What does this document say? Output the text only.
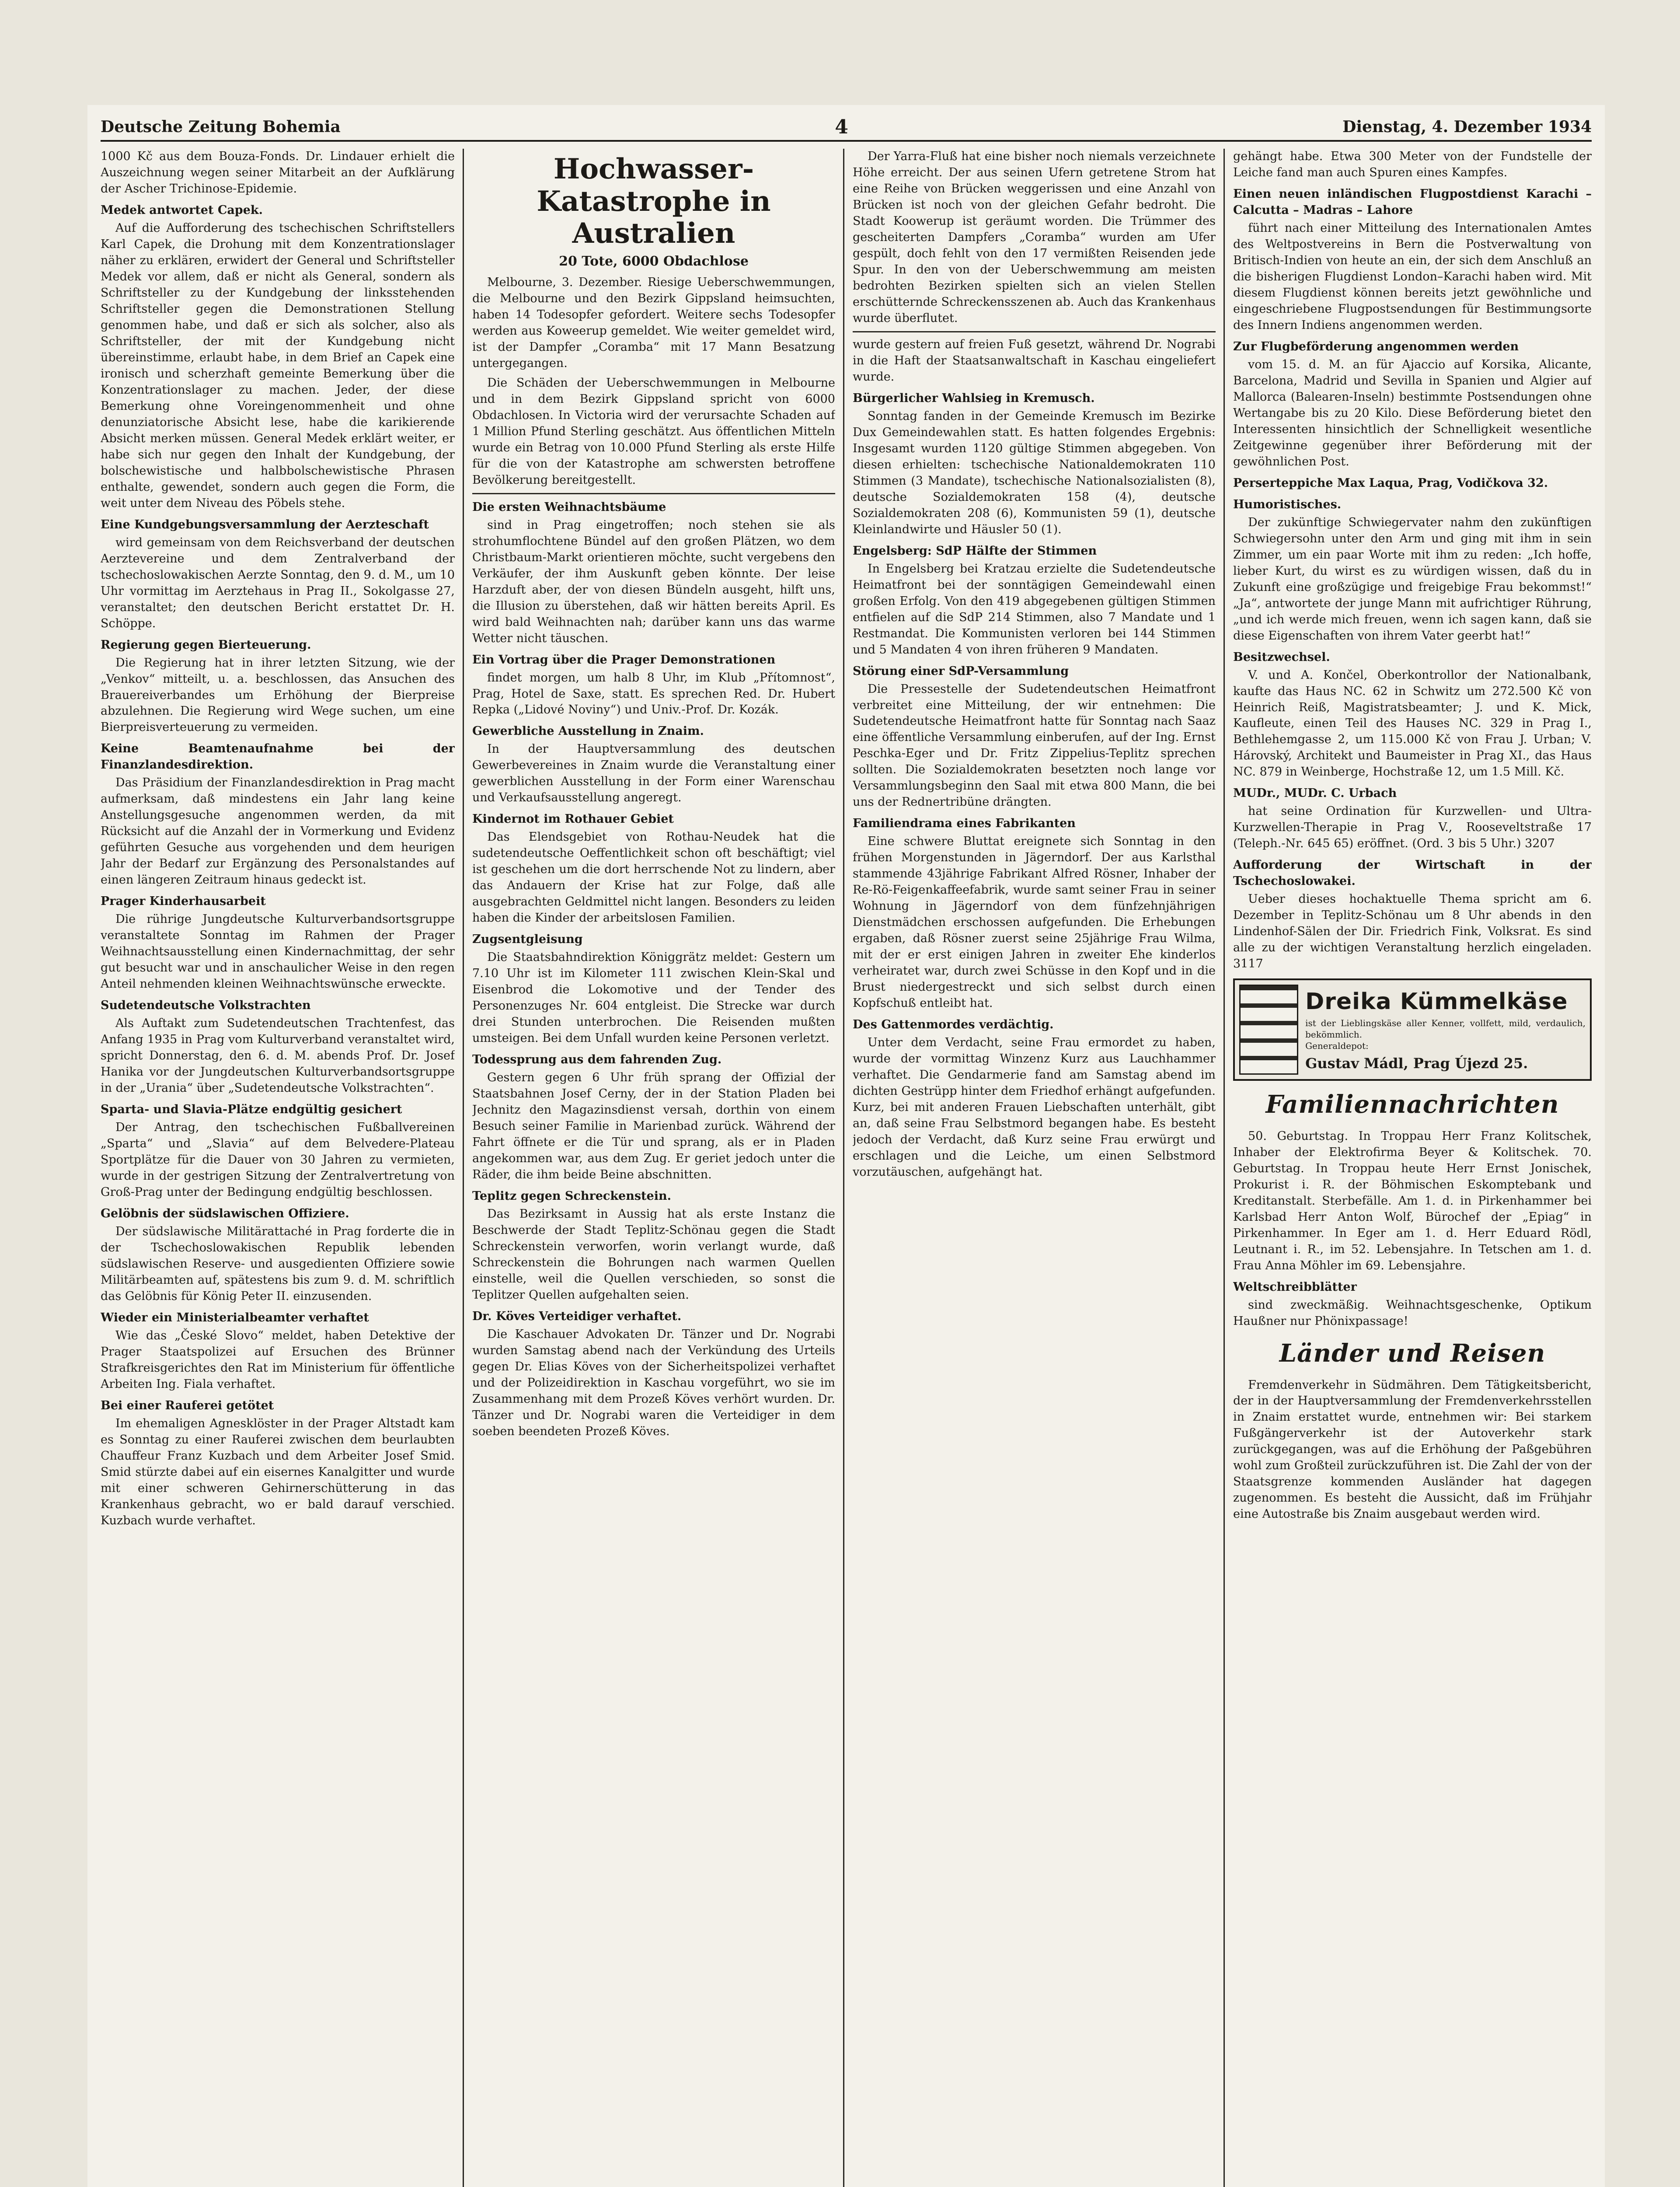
Deutsche Zeitung Bohemia	4	Dienstag, 4. Dezember 1934

1000 Kč aus dem Bouza-Fonds. Dr. Lindauer erhielt die Auszeichnung wegen seiner Mitarbeit an der Aufklärung der Ascher Trichinose-Epidemie.

Medek antwortet Capek.

Auf die Aufforderung des tschechischen Schriftstellers Karl Capek, die Drohung mit dem Konzentrationslager näher zu erklären, erwidert der General und Schriftsteller Medek vor allem, daß er nicht als General, sondern als Schriftsteller zu der Kundgebung der linksstehenden Schriftsteller gegen die Demonstrationen Stellung genommen habe, und daß er sich als solcher, also als Schriftsteller, der mit der Kundgebung nicht übereinstimme, erlaubt habe, in dem Brief an Capek eine ironisch und scherzhaft gemeinte Bemerkung über die Konzentrationslager zu machen. Jeder, der diese Bemerkung ohne Voreingenommenheit und ohne denunziatorische Absicht lese, habe die karikierende Absicht merken müssen. General Medek erklärt weiter, er habe sich nur gegen den Inhalt der Kundgebung, der bolschewistische und halbbolschewistische Phrasen enthalte, gewendet, sondern auch gegen die Form, die weit unter dem Niveau des Pöbels stehe.

Eine Kundgebungsversammlung der Aerzteschaft

wird gemeinsam von dem Reichsverband der deutschen Aerztevereine und dem Zentralverband der tschechoslowakischen Aerzte Sonntag, den 9. d. M., um 10 Uhr vormittag im Aerztehaus in Prag II., Sokolgasse 27, veranstaltet; den deutschen Bericht erstattet Dr. H. Schöppe.

Regierung gegen Bierteuerung.

Die Regierung hat in ihrer letzten Sitzung, wie der „Venkov“ mitteilt, u. a. beschlossen, das Ansuchen des Brauereiverbandes um Erhöhung der Bierpreise abzulehnen. Die Regierung wird Wege suchen, um eine Bierpreisverteuerung zu vermeiden.

Keine Beamtenaufnahme bei der Finanzlandesdirektion.

Das Präsidium der Finanzlandesdirektion in Prag macht aufmerksam, daß mindestens ein Jahr lang keine Anstellungsgesuche angenommen werden, da mit Rücksicht auf die Anzahl der in Vormerkung und Evidenz geführten Gesuche aus vorgehenden und dem heurigen Jahr der Bedarf zur Ergänzung des Personalstandes auf einen längeren Zeitraum hinaus gedeckt ist.

Prager Kinderhausarbeit

Die rührige Jungdeutsche Kulturverbandsortsgruppe veranstaltete Sonntag im Rahmen der Prager Weihnachtsausstellung einen Kindernachmittag, der sehr gut besucht war und in anschaulicher Weise in den regen Anteil nehmenden kleinen Weihnachtswünsche erweckte.

Sudetendeutsche Volkstrachten

Als Auftakt zum Sudetendeutschen Trachtenfest, das Anfang 1935 in Prag vom Kulturverband veranstaltet wird, spricht Donnerstag, den 6. d. M. abends Prof. Dr. Josef Hanika vor der Jungdeutschen Kulturverbandsortsgruppe in der „Urania“ über „Sudetendeutsche Volkstrachten“.

Sparta- und Slavia-Plätze endgültig gesichert

Der Antrag, den tschechischen Fußballvereinen „Sparta“ und „Slavia“ auf dem Belvedere-Plateau Sportplätze für die Dauer von 30 Jahren zu vermieten, wurde in der gestrigen Sitzung der Zentralvertretung von Groß-Prag unter der Bedingung endgültig beschlossen.

Gelöbnis der südslawischen Offiziere.

Der südslawische Militärattaché in Prag forderte die in der Tschechoslowakischen Republik lebenden südslawischen Reserve- und ausgedienten Offiziere sowie Militärbeamten auf, spätestens bis zum 9. d. M. schriftlich das Gelöbnis für König Peter II. einzusenden.

Wieder ein Ministerialbeamter verhaftet

Wie das „České Slovo“ meldet, haben Detektive der Prager Staatspolizei auf Ersuchen des Brünner Strafkreisgerichtes den Rat im Ministerium für öffentliche Arbeiten Ing. Fiala verhaftet.

Bei einer Rauferei getötet

Im ehemaligen Agnesklöster in der Prager Altstadt kam es Sonntag zu einer Rauferei zwischen dem beurlaubten Chauffeur Franz Kuzbach und dem Arbeiter Josef Smid. Smid stürzte dabei auf ein eisernes Kanalgitter und wurde mit einer schweren Gehirnerschütterung in das Krankenhaus gebracht, wo er bald darauf verschied. Kuzbach wurde verhaftet.

Hochwasser-Katastrophe in Australien
20 Tote, 6000 Obdachlose

Melbourne, 3. Dezember. Riesige Ueberschwemmungen, die Melbourne und den Bezirk Gippsland heimsuchten, haben 14 Todesopfer gefordert. Weitere sechs Todesopfer werden aus Koweerup gemeldet. Wie weiter gemeldet wird, ist der Dampfer „Coramba“ mit 17 Mann Besatzung untergegangen.

Die Schäden der Ueberschwemmungen in Melbourne und in dem Bezirk Gippsland spricht von 6000 Obdachlosen. In Victoria wird der verursachte Schaden auf 1 Million Pfund Sterling geschätzt. Aus öffentlichen Mitteln wurde ein Betrag von 10.000 Pfund Sterling als erste Hilfe für die von der Katastrophe am schwersten betroffene Bevölkerung bereitgestellt.

Die ersten Weihnachtsbäume

sind in Prag eingetroffen; noch stehen sie als strohumflochtene Bündel auf den großen Plätzen, wo dem Christbaum-Markt orientieren möchte, sucht vergebens den Verkäufer, der ihm Auskunft geben könnte. Der leise Harzduft aber, der von diesen Bündeln ausgeht, hilft uns, die Illusion zu überstehen, daß wir hätten bereits April. Es wird bald Weihnachten nah; darüber kann uns das warme Wetter nicht täuschen.

Ein Vortrag über die Prager Demonstrationen

findet morgen, um halb 8 Uhr, im Klub „Přítomnost“, Prag, Hotel de Saxe, statt. Es sprechen Red. Dr. Hubert Repka („Lidové Noviny“) und Univ.-Prof. Dr. Kozák.

Gewerbliche Ausstellung in Znaim.

In der Hauptversammlung des deutschen Gewerbevereines in Znaim wurde die Veranstaltung einer gewerblichen Ausstellung in der Form einer Warenschau und Verkaufsausstellung angeregt.

Kindernot im Rothauer Gebiet

Das Elendsgebiet von Rothau-Neudek hat die sudetendeutsche Oeffentlichkeit schon oft beschäftigt; viel ist geschehen um die dort herrschende Not zu lindern, aber das Andauern der Krise hat zur Folge, daß alle ausgebrachten Geldmittel nicht langen. Besonders zu leiden haben die Kinder der arbeitslosen Familien.

Zugsentgleisung

Die Staatsbahndirektion Königgrätz meldet: Gestern um 7.10 Uhr ist im Kilometer 111 zwischen Klein-Skal und Eisenbrod die Lokomotive und der Tender des Personenzuges Nr. 604 entgleist. Die Strecke war durch drei Stunden unterbrochen. Die Reisenden mußten umsteigen. Bei dem Unfall wurden keine Personen verletzt.

Todessprung aus dem fahrenden Zug.

Gestern gegen 6 Uhr früh sprang der Offizial der Staatsbahnen Josef Cerny, der in der Station Pladen bei Jechnitz den Magazinsdienst versah, dorthin von einem Besuch seiner Familie in Marienbad zurück. Während der Fahrt öffnete er die Tür und sprang, als er in Pladen angekommen war, aus dem Zug. Er geriet jedoch unter die Räder, die ihm beide Beine abschnitten.

Teplitz gegen Schreckenstein.

Das Bezirksamt in Aussig hat als erste Instanz die Beschwerde der Stadt Teplitz-Schönau gegen die Stadt Schreckenstein verworfen, worin verlangt wurde, daß Schreckenstein die Bohrungen nach warmen Quellen einstelle, weil die Quellen verschieden, so sonst die Teplitzer Quellen aufgehalten seien.

Dr. Köves Verteidiger verhaftet.

Die Kaschauer Advokaten Dr. Tänzer und Dr. Nograbi wurden Samstag abend nach der Verkündung des Urteils gegen Dr. Elias Köves von der Sicherheitspolizei verhaftet und der Polizeidirektion in Kaschau vorgeführt, wo sie im Zusammenhang mit dem Prozeß Köves verhört wurden. Dr. Tänzer und Dr. Nograbi waren die Verteidiger in dem soeben beendeten Prozeß Köves.

Der Yarra-Fluß hat eine bisher noch niemals verzeichnete Höhe erreicht. Der aus seinen Ufern getretene Strom hat eine Reihe von Brücken weggerissen und eine Anzahl von Brücken ist noch von der gleichen Gefahr bedroht. Die Stadt Koowerup ist geräumt worden. Die Trümmer des gescheiterten Dampfers „Coramba“ wurden am Ufer gespült, doch fehlt von den 17 vermißten Reisenden jede Spur. In den von der Ueberschwemmung am meisten bedrohten Bezirken spielten sich an vielen Stellen erschütternde Schreckensszenen ab. Auch das Krankenhaus wurde überflutet.

wurde gestern auf freien Fuß gesetzt, während Dr. Nograbi in die Haft der Staatsanwaltschaft in Kaschau eingeliefert wurde.

Bürgerlicher Wahlsieg in Kremusch.

Sonntag fanden in der Gemeinde Kremusch im Bezirke Dux Gemeindewahlen statt. Es hatten folgendes Ergebnis: Insgesamt wurden 1120 gültige Stimmen abgegeben. Von diesen erhielten: tschechische Nationaldemokraten 110 Stimmen (3 Mandate), tschechische Nationalsozialisten (8), deutsche Sozialdemokraten 158 (4), deutsche Sozialdemokraten 208 (6), Kommunisten 59 (1), deutsche Kleinlandwirte und Häusler 50 (1).

Engelsberg: SdP Hälfte der Stimmen

In Engelsberg bei Kratzau erzielte die Sudetendeutsche Heimatfront bei der sonntägigen Gemeindewahl einen großen Erfolg. Von den 419 abgegebenen gültigen Stimmen entfielen auf die SdP 214 Stimmen, also 7 Mandate und 1 Restmandat. Die Kommunisten verloren bei 144 Stimmen und 5 Mandaten 4 von ihren früheren 9 Mandaten.

Störung einer SdP-Versammlung

Die Pressestelle der Sudetendeutschen Heimatfront verbreitet eine Mitteilung, der wir entnehmen: Die Sudetendeutsche Heimatfront hatte für Sonntag nach Saaz eine öffentliche Versammlung einberufen, auf der Ing. Ernst Peschka-Eger und Dr. Fritz Zippelius-Teplitz sprechen sollten. Die Sozialdemokraten besetzten noch lange vor Versammlungsbeginn den Saal mit etwa 800 Mann, die bei uns der Rednertribüne drängten.

Familiendrama eines Fabrikanten

Eine schwere Bluttat ereignete sich Sonntag in den frühen Morgenstunden in Jägerndorf. Der aus Karlsthal stammende 43jährige Fabrikant Alfred Rösner, Inhaber der Re-Rö-Feigenkaffeefabrik, wurde samt seiner Frau in seiner Wohnung in Jägerndorf von dem fünfzehnjährigen Dienstmädchen erschossen aufgefunden. Die Erhebungen ergaben, daß Rösner zuerst seine 25jährige Frau Wilma, mit der er erst einigen Jahren in zweiter Ehe kinderlos verheiratet war, durch zwei Schüsse in den Kopf und in die Brust niedergestreckt und sich selbst durch einen Kopfschuß entleibt hat.

Des Gattenmordes verdächtig.

Unter dem Verdacht, seine Frau ermordet zu haben, wurde der vormittag Winzenz Kurz aus Lauchhammer verhaftet. Die Gendarmerie fand am Samstag abend im dichten Gestrüpp hinter dem Friedhof erhängt aufgefunden. Kurz, bei mit anderen Frauen Liebschaften unterhält, gibt an, daß seine Frau Selbstmord begangen habe. Es besteht jedoch der Verdacht, daß Kurz seine Frau erwürgt und erschlagen und die Leiche, um einen Selbstmord vorzutäuschen, aufgehängt hat.

gehängt habe. Etwa 300 Meter von der Fundstelle der Leiche fand man auch Spuren eines Kampfes.

Einen neuen inländischen Flugpostdienst Karachi – Calcutta – Madras – Lahore

führt nach einer Mitteilung des Internationalen Amtes des Weltpostvereins in Bern die Postverwaltung von Britisch-Indien von heute an ein, der sich dem Anschluß an die bisherigen Flugdienst London–Karachi haben wird. Mit diesem Flugdienst können bereits jetzt gewöhnliche und eingeschriebene Flugpostsendungen für Bestimmungsorte des Innern Indiens angenommen werden.

Zur Flugbeförderung angenommen werden

vom 15. d. M. an für Ajaccio auf Korsika, Alicante, Barcelona, Madrid und Sevilla in Spanien und Algier auf Mallorca (Balearen-Inseln) bestimmte Postsendungen ohne Wertangabe bis zu 20 Kilo. Diese Beförderung bietet den Interessenten hinsichtlich der Schnelligkeit wesentliche Zeitgewinne gegenüber ihrer Beförderung mit der gewöhnlichen Post.

Perserteppiche Max Laqua, Prag, Vodičkova 32.
Humoristisches.

Der zukünftige Schwiegervater nahm den zukünftigen Schwiegersohn unter den Arm und ging mit ihm in sein Zimmer, um ein paar Worte mit ihm zu reden: „Ich hoffe, lieber Kurt, du wirst es zu würdigen wissen, daß du in Zukunft eine großzügige und freigebige Frau bekommst!“ „Ja“, antwortete der junge Mann mit aufrichtiger Rührung, „und ich werde mich freuen, wenn ich sagen kann, daß sie diese Eigenschaften von ihrem Vater geerbt hat!“

Besitzwechsel.

V. und A. Končel, Oberkontrollor der Nationalbank, kaufte das Haus NC. 62 in Schwitz um 272.500 Kč von Heinrich Reiß, Magistratsbeamter; J. und K. Mick, Kaufleute, einen Teil des Hauses NC. 329 in Prag I., Bethlehemgasse 2, um 115.000 Kč von Frau J. Urban; V. Hárovský, Architekt und Baumeister in Prag XI., das Haus NC. 879 in Weinberge, Hochstraße 12, um 1.5 Mill. Kč.

MUDr., MUDr. C. Urbach

hat seine Ordination für Kurzwellen- und Ultra-Kurzwellen-Therapie in Prag V., Rooseveltstraße 17 (Teleph.-Nr. 645 65) eröffnet. (Ord. 3 bis 5 Uhr.) 3207

Aufforderung der Wirtschaft in der Tschechoslowakei.

Ueber dieses hochaktuelle Thema spricht am 6. Dezember in Teplitz-Schönau um 8 Uhr abends in den Lindenhof-Sälen der Dir. Friedrich Fink, Volksrat. Es sind alle zu der wichtigen Veranstaltung herzlich eingeladen. 3117

Dreika Kümmelkäse
ist der Lieblingskäse aller Kenner, vollfett, mild, verdaulich, bekömmlich.
Generaldepot:
Gustav Mádl, Prag Újezd 25.
Familiennachrichten

50. Geburtstag. In Troppau Herr Franz Kolitschek, Inhaber der Elektrofirma Beyer & Kolitschek. 70. Geburtstag. In Troppau heute Herr Ernst Jonischek, Prokurist i. R. der Böhmischen Eskomptebank und Kreditanstalt. Sterbefälle. Am 1. d. in Pirkenhammer bei Karlsbad Herr Anton Wolf, Bürochef der „Epiag“ in Pirkenhammer. In Eger am 1. d. Herr Eduard Rödl, Leutnant i. R., im 52. Lebensjahre. In Tetschen am 1. d. Frau Anna Möhler im 69. Lebensjahre.

Weltschreibblätter

sind zweckmäßig. Weihnachtsgeschenke, Optikum Haußner nur Phönixpassage!

Länder und Reisen

Fremdenverkehr in Südmähren. Dem Tätigkeitsbericht, der in der Hauptversammlung der Fremdenverkehrsstellen in Znaim erstattet wurde, entnehmen wir: Bei starkem Fußgängerverkehr ist der Autoverkehr stark zurückgegangen, was auf die Erhöhung der Paßgebühren wohl zum Großteil zurückzuführen ist. Die Zahl der von der Staatsgrenze kommenden Ausländer hat dagegen zugenommen. Es besteht die Aussicht, daß im Frühjahr eine Autostraße bis Znaim ausgebaut werden wird.
